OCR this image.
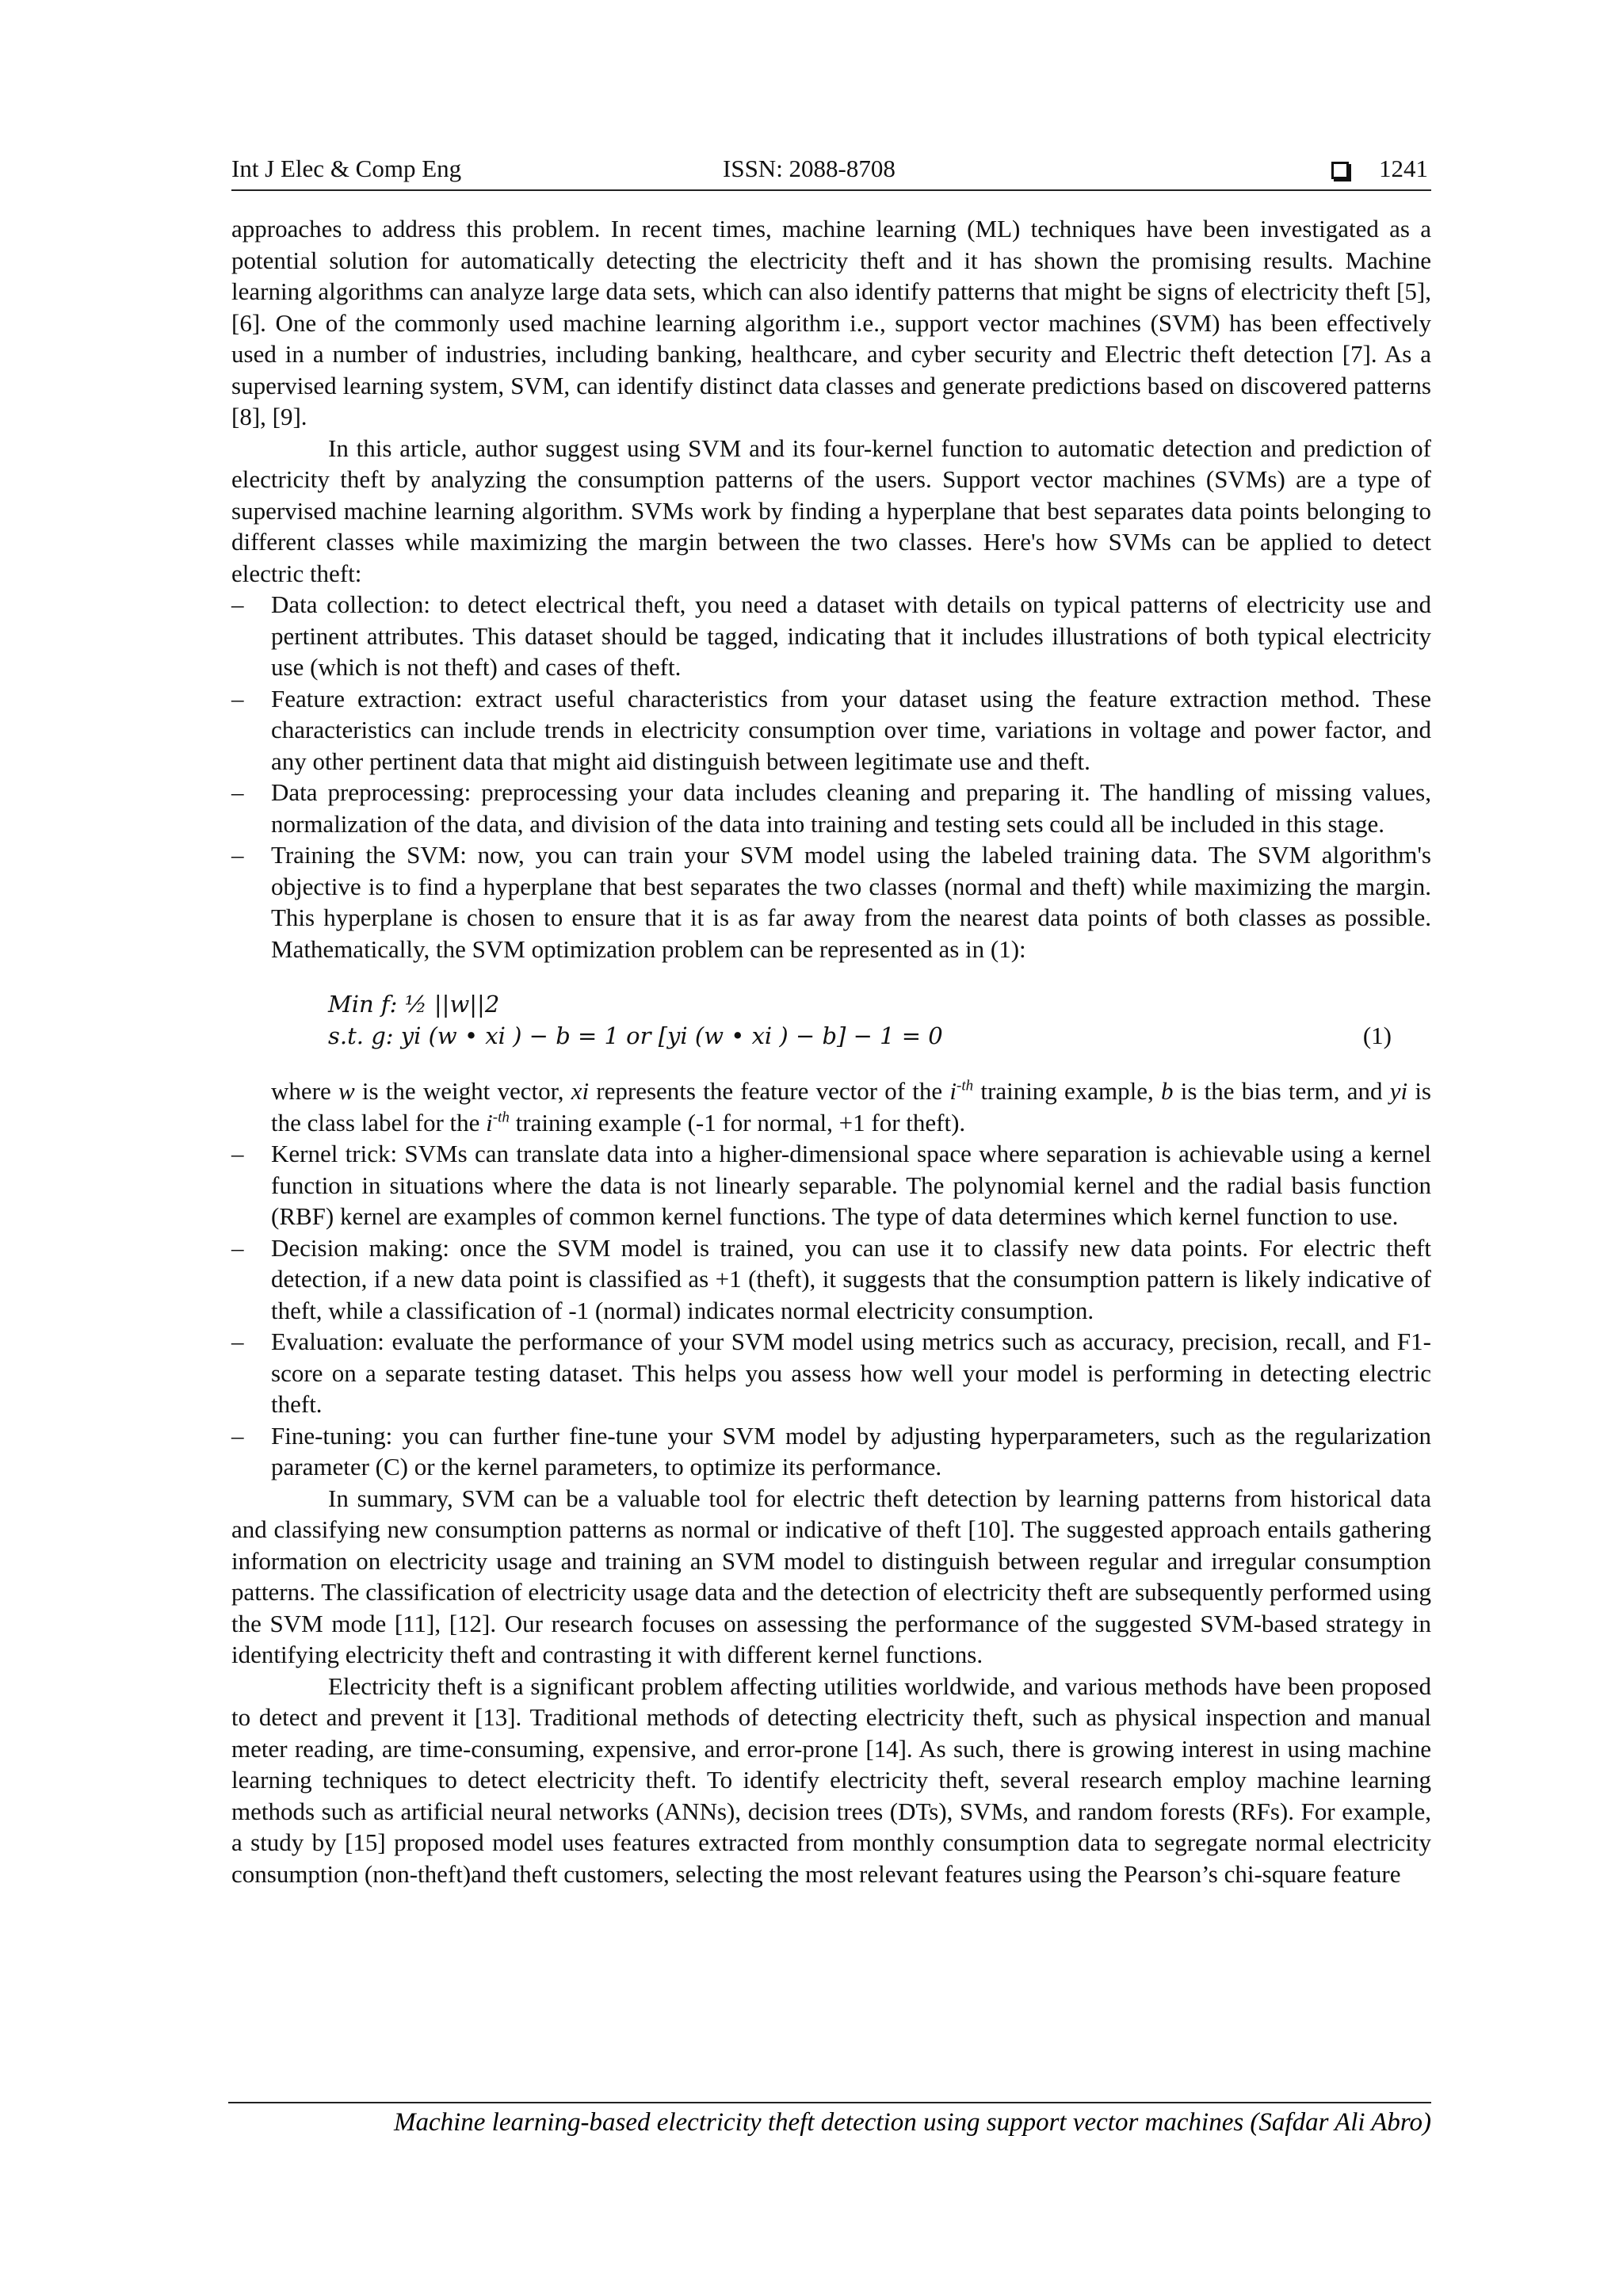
Int J Elec & Comp Eng	ISSN: 2088-8708	1241

approaches to address this problem. In recent times, machine learning (ML) techniques have been investigated as a potential solution for automatically detecting the electricity theft and it has shown the promising results. Machine learning algorithms can analyze large data sets, which can also identify patterns that might be signs of electricity theft [5], [6]. One of the commonly used machine learning algorithm i.e., support vector machines (SVM) has been effectively used in a number of industries, including banking, healthcare, and cyber security and Electric theft detection [7]. As a supervised learning system, SVM, can identify distinct data classes and generate predictions based on discovered patterns [8], [9].

In this article, author suggest using SVM and its four-kernel function to automatic detection and prediction of electricity theft by analyzing the consumption patterns of the users. Support vector machines (SVMs) are a type of supervised machine learning algorithm. SVMs work by finding a hyperplane that best separates data points belonging to different classes while maximizing the margin between the two classes. Here's how SVMs can be applied to detect electric theft:

– Data collection: to detect electrical theft, you need a dataset with details on typical patterns of electricity use and pertinent attributes. This dataset should be tagged, indicating that it includes illustrations of both typical electricity use (which is not theft) and cases of theft.
– Feature extraction: extract useful characteristics from your dataset using the feature extraction method. These characteristics can include trends in electricity consumption over time, variations in voltage and power factor, and any other pertinent data that might aid distinguish between legitimate use and theft.
– Data preprocessing: preprocessing your data includes cleaning and preparing it. The handling of missing values, normalization of the data, and division of the data into training and testing sets could all be included in this stage.
– Training the SVM: now, you can train your SVM model using the labeled training data. The SVM algorithm's objective is to find a hyperplane that best separates the two classes (normal and theft) while maximizing the margin. This hyperplane is chosen to ensure that it is as far away from the nearest data points of both classes as possible. Mathematically, the SVM optimization problem can be represented as in (1):
Min f: ½ ||w||2
s.t. g: yi (w • xi ) − b = 1 or [yi (w • xi ) − b] − 1 = 0	(1)

where w is the weight vector, xi represents the feature vector of the $i^{-th}$ training example, b is the bias term, and yi is the class label for the $i^{-th}$ training example (-1 for normal, +1 for theft).

– Kernel trick: SVMs can translate data into a higher-dimensional space where separation is achievable using a kernel function in situations where the data is not linearly separable. The polynomial kernel and the radial basis function (RBF) kernel are examples of common kernel functions. The type of data determines which kernel function to use.
– Decision making: once the SVM model is trained, you can use it to classify new data points. For electric theft detection, if a new data point is classified as +1 (theft), it suggests that the consumption pattern is likely indicative of theft, while a classification of -1 (normal) indicates normal electricity consumption.
– Evaluation: evaluate the performance of your SVM model using metrics such as accuracy, precision, recall, and F1-score on a separate testing dataset. This helps you assess how well your model is performing in detecting electric theft.
– Fine-tuning: you can further fine-tune your SVM model by adjusting hyperparameters, such as the regularization parameter (C) or the kernel parameters, to optimize its performance.

In summary, SVM can be a valuable tool for electric theft detection by learning patterns from historical data and classifying new consumption patterns as normal or indicative of theft [10]. The suggested approach entails gathering information on electricity usage and training an SVM model to distinguish between regular and irregular consumption patterns. The classification of electricity usage data and the detection of electricity theft are subsequently performed using the SVM mode [11], [12]. Our research focuses on assessing the performance of the suggested SVM-based strategy in identifying electricity theft and contrasting it with different kernel functions.

Electricity theft is a significant problem affecting utilities worldwide, and various methods have been proposed to detect and prevent it [13]. Traditional methods of detecting electricity theft, such as physical inspection and manual meter reading, are time-consuming, expensive, and error-prone [14]. As such, there is growing interest in using machine learning techniques to detect electricity theft. To identify electricity theft, several research employ machine learning methods such as artificial neural networks (ANNs), decision trees (DTs), SVMs, and random forests (RFs). For example, a study by [15] proposed model uses features extracted from monthly consumption data to segregate normal electricity consumption (non-theft)and theft customers, selecting the most relevant features using the Pearson’s chi-square feature

Machine learning-based electricity theft detection using support vector machines (Safdar Ali Abro)
